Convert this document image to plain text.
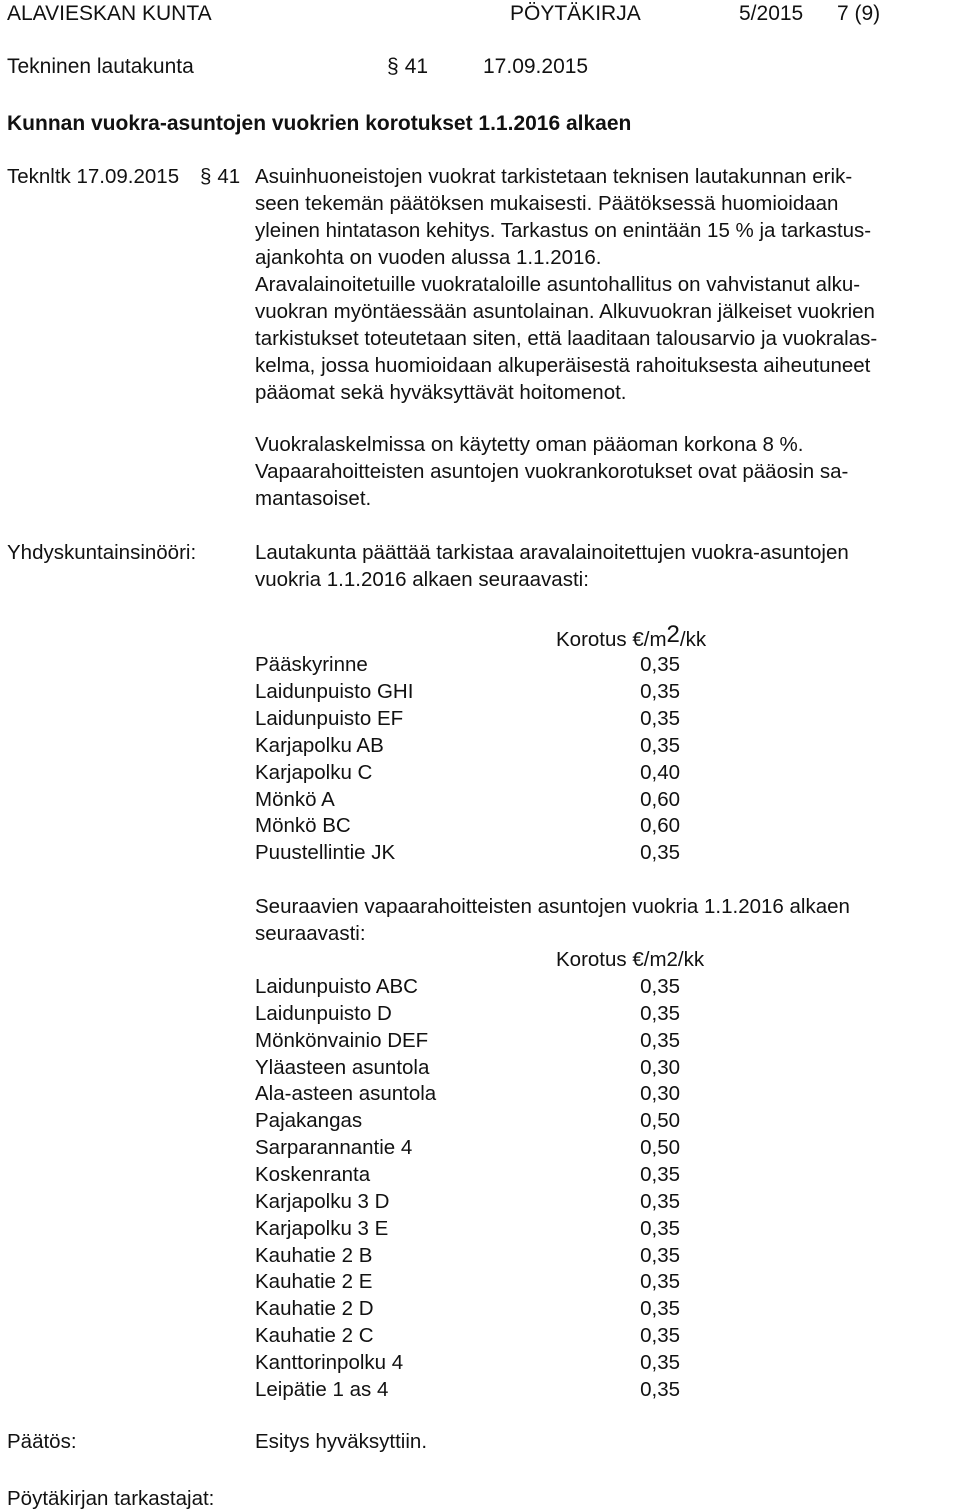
ALAVIESKAN KUNTA	PÖYTÄKIRJA	5/2015 7 (9)
Tekninen lautakunta	§ 41	17.09.2015
Kunnan vuokra-asuntojen vuokrien korotukset 1.1.2016 alkaen
Teknltk 17.09.2015 § 41 Asuinhuoneistojen vuokrat tarkistetaan teknisen lautakunnan erik-
seen tekemän päätöksen mukaisesti. Päätöksessä huomioidaan
yleinen hintatason kehitys. Tarkastus on enintään 15 % ja tarkastus-
ajankohta on vuoden alussa 1.1.2016.
Aravalainoitetuille vuokrataloille asuntohallitus on vahvistanut alku-
vuokran myöntäessään asuntolainan. Alkuvuokran jälkeiset vuokrien
tarkistukset toteutetaan siten, että laaditaan talousarvio ja vuokralas-
kelma, jossa huomioidaan alkuperäisestä rahoituksesta aiheutuneet
pääomat sekä hyväksyttävät hoitomenot.
Vuokralaskelmissa on käytetty oman pääoman korkona 8 %.
Vapaarahoitteisten asuntojen vuokrankorotukset ovat pääosin sa-
mantasoiset.
Yhdyskuntainsinööri:	Lautakunta päättää tarkistaa aravalainoitettujen vuokra-asuntojen
vuokria 1.1.2016 alkaen seuraavasti:
Korotus €/m2/kk
Pääskyrinne	0,35
Laidunpuisto GHI	0,35
Laidunpuisto EF	0,35
Karjapolku AB	0,35
Karjapolku C	0,40
Mönkö A	0,60
Mönkö BC	0,60
Puustellintie JK	0,35
Seuraavien vapaarahoitteisten asuntojen vuokria 1.1.2016 alkaen
seuraavasti:
Korotus €/m2/kk
Laidunpuisto ABC	0,35
Laidunpuisto D	0,35
Mönkönvainio DEF	0,35
Yläasteen asuntola	0,30
Ala-asteen asuntola	0,30
Pajakangas	0,50
Sarparannantie 4	0,50
Koskenranta	0,35
Karjapolku 3 D	0,35
Karjapolku 3 E	0,35
Kauhatie 2 B	0,35
Kauhatie 2 E	0,35
Kauhatie 2 D	0,35
Kauhatie 2 C	0,35
Kanttorinpolku 4	0,35
Leipätie 1 as 4	0,35
Päätös:	Esitys hyväksyttiin.
Pöytäkirjan tarkastajat:
